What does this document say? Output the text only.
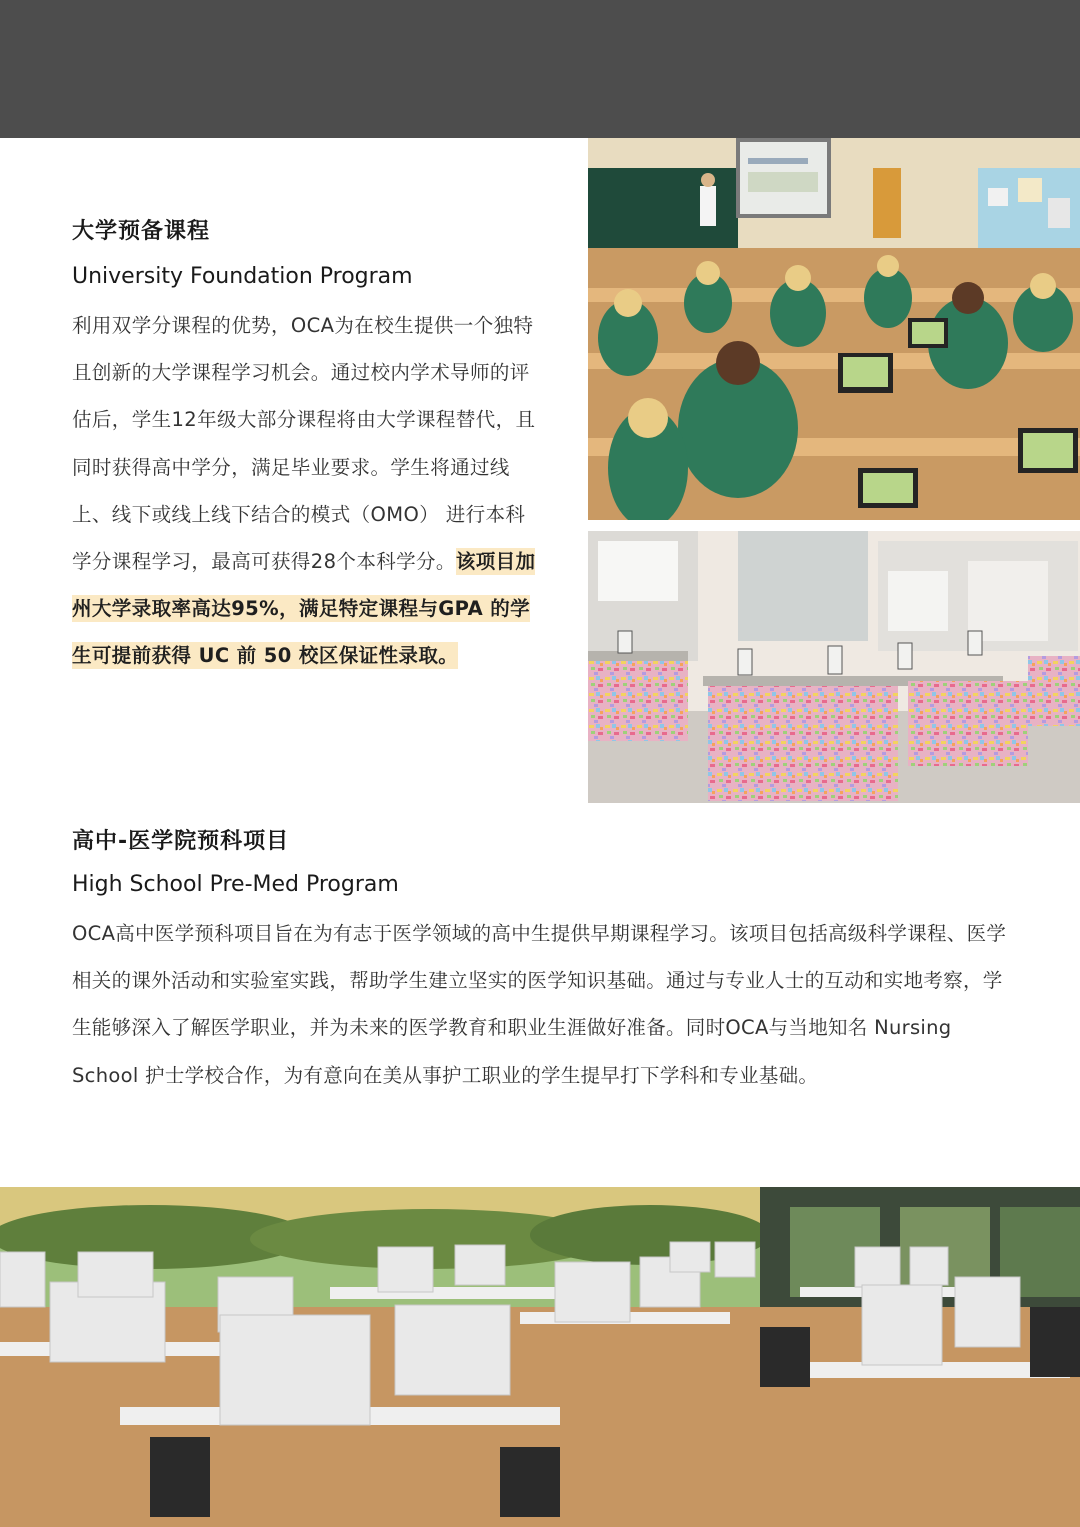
大学预备课程
University Foundation Program

利用双学分课程的优势，OCA为在校生提供一个独特且创新的大学课程学习机会。通过校内学术导师的评估后，学生12年级大部分课程将由大学课程替代，且同时获得高中学分，满足毕业要求。学生将通过线上、线下或线上线下结合的模式（OMO） 进行本科学分课程学习，最高可获得28个本科学分。该项目加州大学录取率高达95%，满足特定课程与GPA 的学生可提前获得 UC 前 50 校区保证性录取。

高中-医学院预科项目
High School Pre-Med Program

OCA高中医学预科项目旨在为有志于医学领域的高中生提供早期课程学习。该项目包括高级科学课程、医学相关的课外活动和实验室实践，帮助学生建立坚实的医学知识基础。通过与专业人士的互动和实地考察，学生能够深入了解医学职业，并为未来的医学教育和职业生涯做好准备。同时OCA与当地知名 Nursing School 护士学校合作，为有意向在美从事护工职业的学生提早打下学科和专业基础。
